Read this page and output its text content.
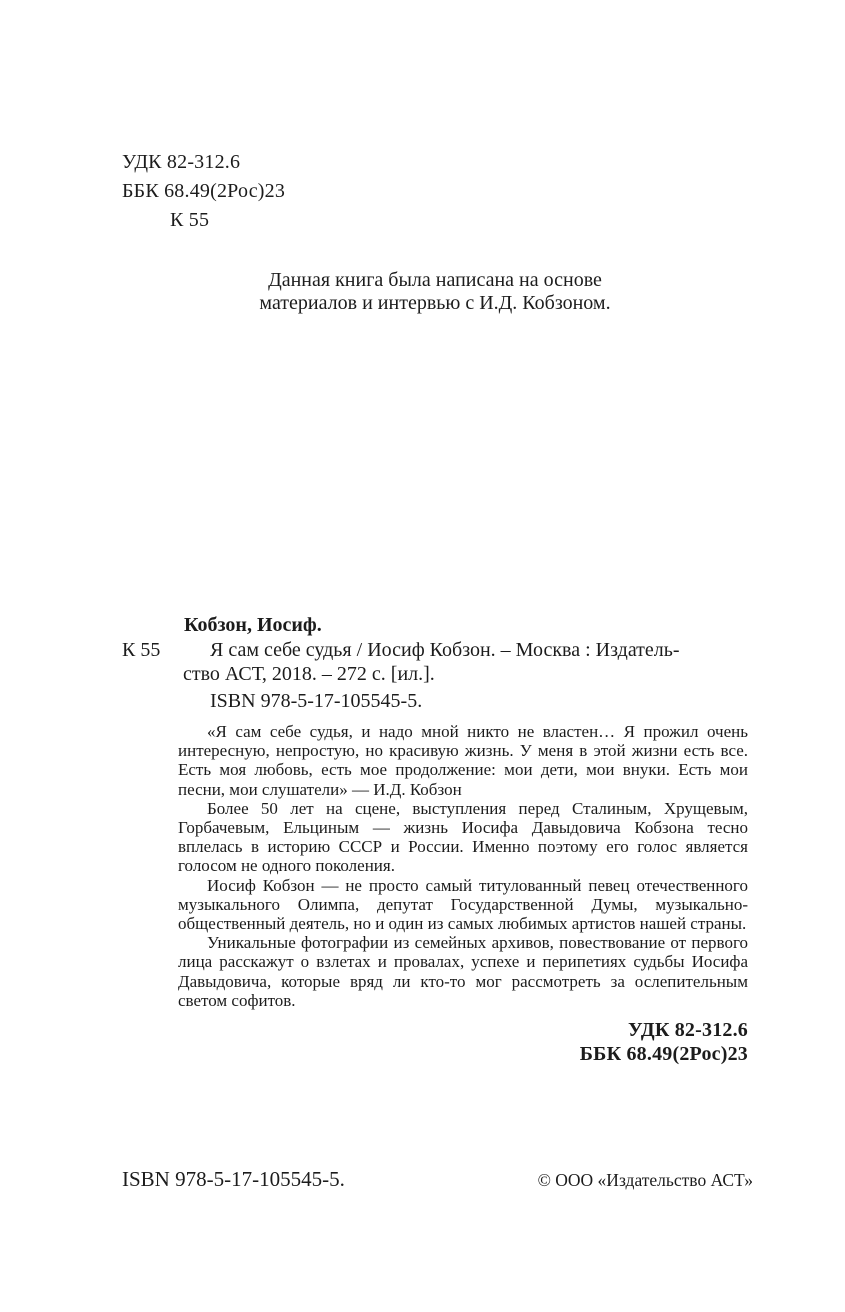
УДК 82-312.6
ББК 68.49(2Рос)23
К 55
Данная книга была написана на основе
материалов и интервью с И.Д. Кобзоном.
Кобзон, Иосиф.
К 55 Я сам себе судья / Иосиф Кобзон. – Москва : Издатель-
ство АСТ, 2018. – 272 с. [ил.].
ISBN 978-5-17-105545-5.

«Я сам себе судья, и надо мной никто не властен… Я прожил очень интересную, непростую, но красивую жизнь. У меня в этой жизни есть все. Есть моя любовь, есть мое продолжение: мои дети, мои внуки. Есть мои песни, мои слушатели» — И.Д. Кобзон

Более 50 лет на сцене, выступления перед Сталиным, Хрущевым, Горбачевым, Ельциным — жизнь Иосифа Давыдовича Кобзона тесно вплелась в историю СССР и России. Именно поэтому его голос является голосом не одного поколения.

Иосиф Кобзон — не просто самый титулованный певец отечественного музыкального Олимпа, депутат Государственной Думы, музыкально-общественный деятель, но и один из самых любимых артистов нашей страны.

Уникальные фотографии из семейных архивов, повествование от первого лица расскажут о взлетах и провалах, успехе и перипетиях судьбы Иосифа Давыдовича, которые вряд ли кто-то мог рассмотреть за ослепительным светом софитов.

УДК 82-312.6
ББК 68.49(2Рос)23
ISBN 978-5-17-105545-5.	© ООО «Издательство АСТ»
